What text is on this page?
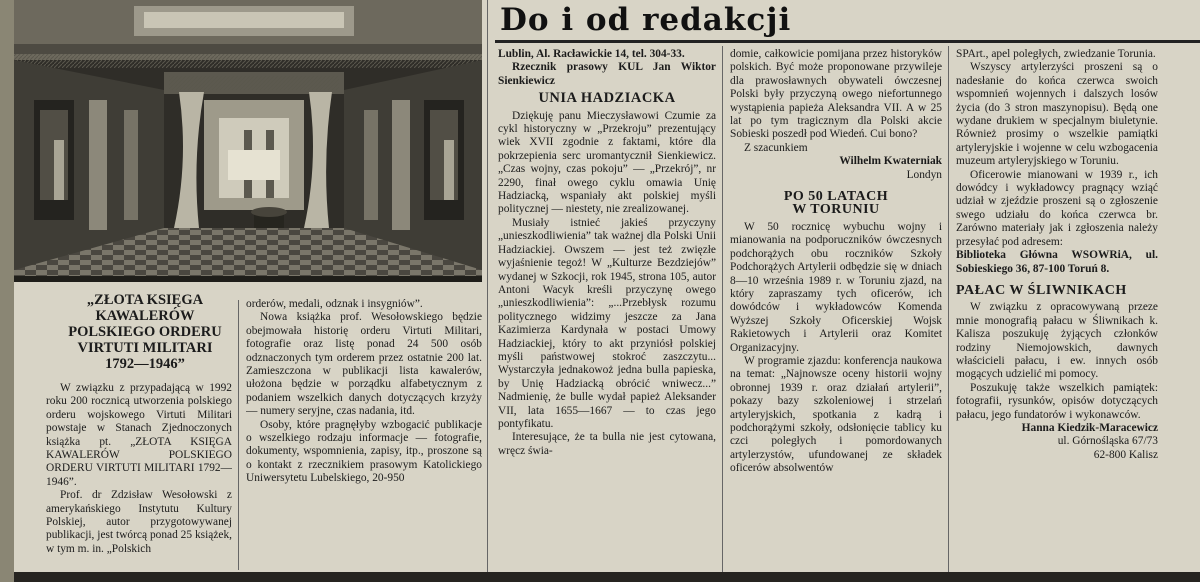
Do i od redakcji
„ZŁOTA KSIĘGA
KAWALERÓW
POLSKIEGO ORDERU
VIRTUTI MILITARI
1792—1946”

W związku z przypadającą w 1992 roku 200 rocznicą utworzenia polskiego orderu wojskowego Virtuti Militari powstaje w Stanach Zjednoczonych książka pt. „ZŁOTA KSIĘGA KAWALERÓW POLSKIEGO ORDERU VIRTUTI MILITARI 1792—1946”.

Prof. dr Zdzisław Wesołowski z amerykańskiego Instytutu Kultury Polskiej, autor przygotowywanej publikacji, jest twórcą ponad 25 książek, w tym m. in. „Polskich

orderów, medali, odznak i insygniów”.

Nowa książka prof. Wesołowskiego będzie obejmowała historię orderu Virtuti Militari, fotografie oraz listę ponad 24 500 osób odznaczonych tym orderem przez ostatnie 200 lat. Zamieszczona w publikacji lista kawalerów, ułożona będzie w porządku alfabetycznym z podaniem wszelkich danych dotyczących krzyży — numery seryjne, czas nadania, itd.

Osoby, które pragnęłyby wzbogacić publikacje o wszelkiego rodzaju informacje — fotografie, dokumenty, wspomnienia, zapisy, itp., proszone są o kontakt z rzecznikiem prasowym Katolickiego Uniwersytetu Lubelskiego, 20-950

Lublin, Al. Racławickie 14, tel. 304-33.

Rzecznik prasowy KUL Jan Wiktor Sienkiewicz

UNIA HADZIACKA

Dziękuję panu Mieczysławowi Czumie za cykl historyczny w „Przekroju” prezentujący wiek XVII zgodnie z faktami, które dla pokrzepienia serc uromantycznił Sienkiewicz. „Czas wojny, czas pokoju” — „Przekrój”, nr 2290, finał owego cyklu omawia Unię Hadziacką, wspaniały akt polskiej myśli politycznej — niestety, nie zrealizowanej.

Musiały istnieć jakieś przyczyny „unieszkodliwienia” tak ważnej dla Polski Unii Hadziackiej. Owszem — jest też zwięzłe wyjaśnienie tegoż! W „Kulturze Bezdziejów” wydanej w Szkocji, rok 1945, strona 105, autor Antoni Wacyk kreśli przyczynę owego „unieszkodliwienia”: „...Przebłysk rozumu politycznego widzimy jeszcze za Jana Kazimierza Kardynała w postaci Umowy Hadziackiej, który to akt przyniósł polskiej myśli państwowej stokroć zaszczytu... Wystarczyła jednakowoż jedna bulla papieska, by Unię Hadziacką obrócić wniwecz...” Nadmienię, że bulle wydał papież Aleksander VII, lata 1655—1667 — to czas jego pontyfikatu.

Interesujące, że ta bulla nie jest cytowana, wręcz świa-

domie, całkowicie pomijana przez historyków polskich. Być może proponowane przywileje dla prawosławnych obywateli ówczesnej Polski były przyczyną owego niefortunnego wystąpienia papieża Aleksandra VII. A w 25 lat po tym tragicznym dla Polski akcie Sobieski poszedł pod Wiedeń. Cui bono?

Z szacunkiem

Wilhelm Kwaterniak

Londyn

PO 50 LATACH
W TORUNIU

W 50 rocznicę wybuchu wojny i mianowania na podporuczników ówczesnych podchorążych obu roczników Szkoły Podchorążych Artylerii odbędzie się w dniach 8—10 września 1989 r. w Toruniu zjazd, na który zapraszamy tych oficerów, ich dowódców i wykładowców Komenda Wyższej Szkoły Oficerskiej Wojsk Rakietowych i Artylerii oraz Komitet Organizacyjny.

W programie zjazdu: konferencja naukowa na temat: „Najnowsze oceny historii wojny obronnej 1939 r. oraz działań artylerii”, pokazy bazy szkoleniowej i strzelań artyleryjskich, spotkania z kadrą i podchorążymi szkoły, odsłonięcie tablicy ku czci poległych i pomordowanych artylerzystów, ufundowanej ze składek oficerów absolwentów

SPArt., apel poległych, zwiedzanie Torunia.

Wszyscy artylerzyści proszeni są o nadesłanie do końca czerwca swoich wspomnień wojennych i dalszych losów życia (do 3 stron maszynopisu). Będą one wydane drukiem w specjalnym biuletynie. Również prosimy o wszelkie pamiątki artyleryjskie i wojenne w celu wzbogacenia muzeum artyleryjskiego w Toruniu.

Oficerowie mianowani w 1939 r., ich dowódcy i wykładowcy pragnący wziąć udział w zjeździe proszeni są o zgłoszenie swego udziału do końca czerwca br. Zarówno materiały jak i zgłoszenia należy przesyłać pod adresem:

Biblioteka Główna WSOWRiA, ul. Sobieskiego 36, 87-100 Toruń 8.

PAŁAC W ŚLIWNIKACH

W związku z opracowywaną przeze mnie monografią pałacu w Śliwnikach k. Kalisza poszukuję żyjących członków rodziny Niemojowskich, dawnych właścicieli pałacu, i ew. innych osób mogących udzielić mi pomocy.

Poszukuję także wszelkich pamiątek: fotografii, rysunków, opisów dotyczących pałacu, jego fundatorów i wykonawców.

Hanna Kiedzik-Maracewicz

ul. Górnośląska 67/73

62-800 Kalisz
